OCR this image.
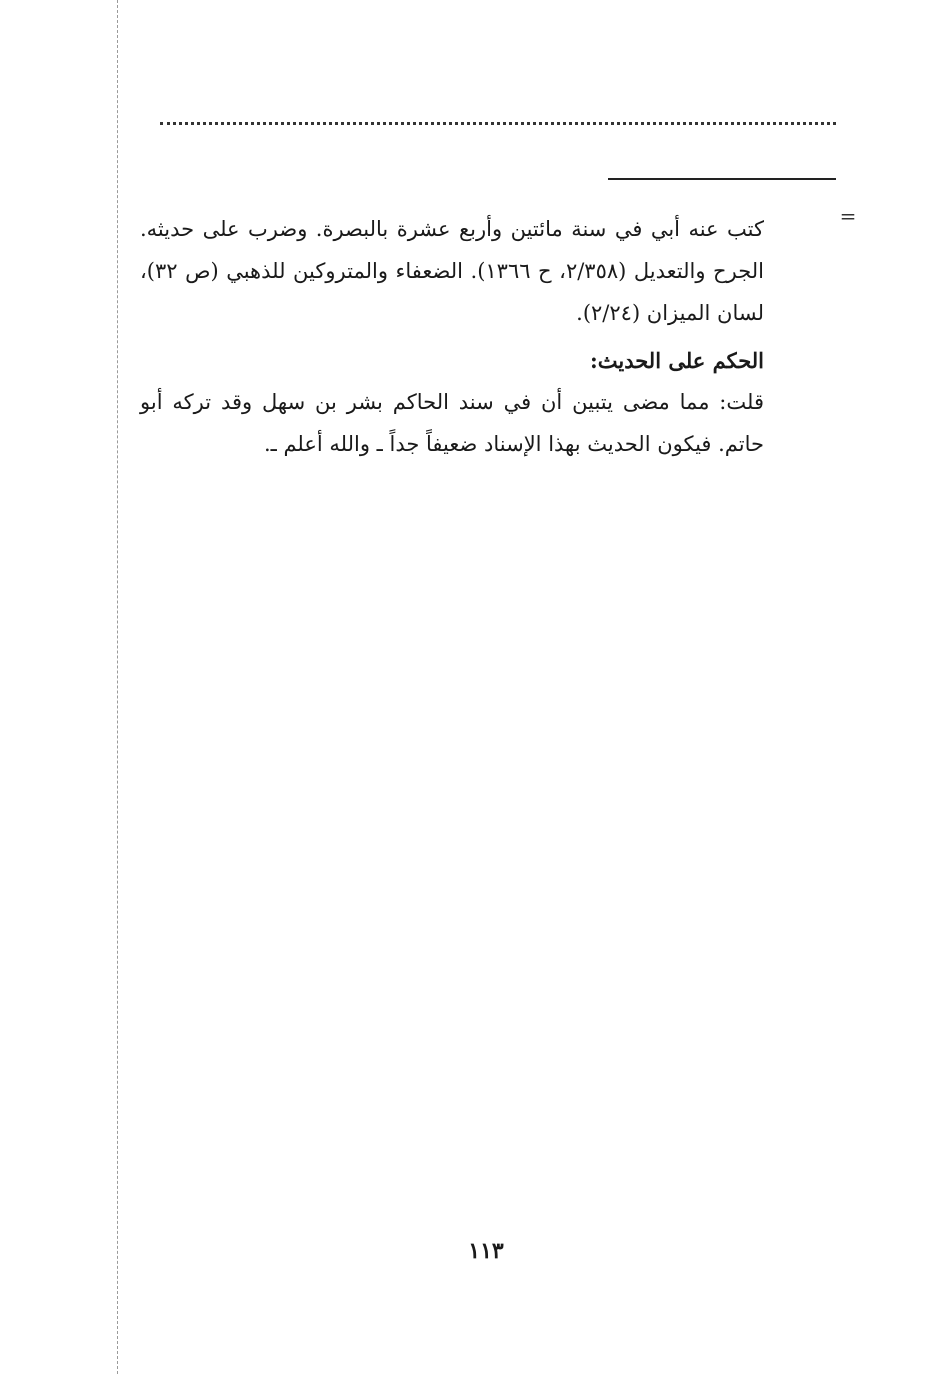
=

كتب عنه أبي في سنة مائتين وأربع عشرة بالبصرة. وضرب على حديثه. الجرح والتعديل (٢/٣٥٨، ح ١٣٦٦). الضعفاء والمتروكين للذهبي (ص ٣٢)، لسان الميزان (٢/٢٤).

الحكم على الحديث:

قلت: مما مضى يتبين أن في سند الحاكم بشر بن سهل وقد تركه أبو حاتم. فيكون الحديث بهذا الإسناد ضعيفاً جداً ـ والله أعلم ـ.

١١٣
